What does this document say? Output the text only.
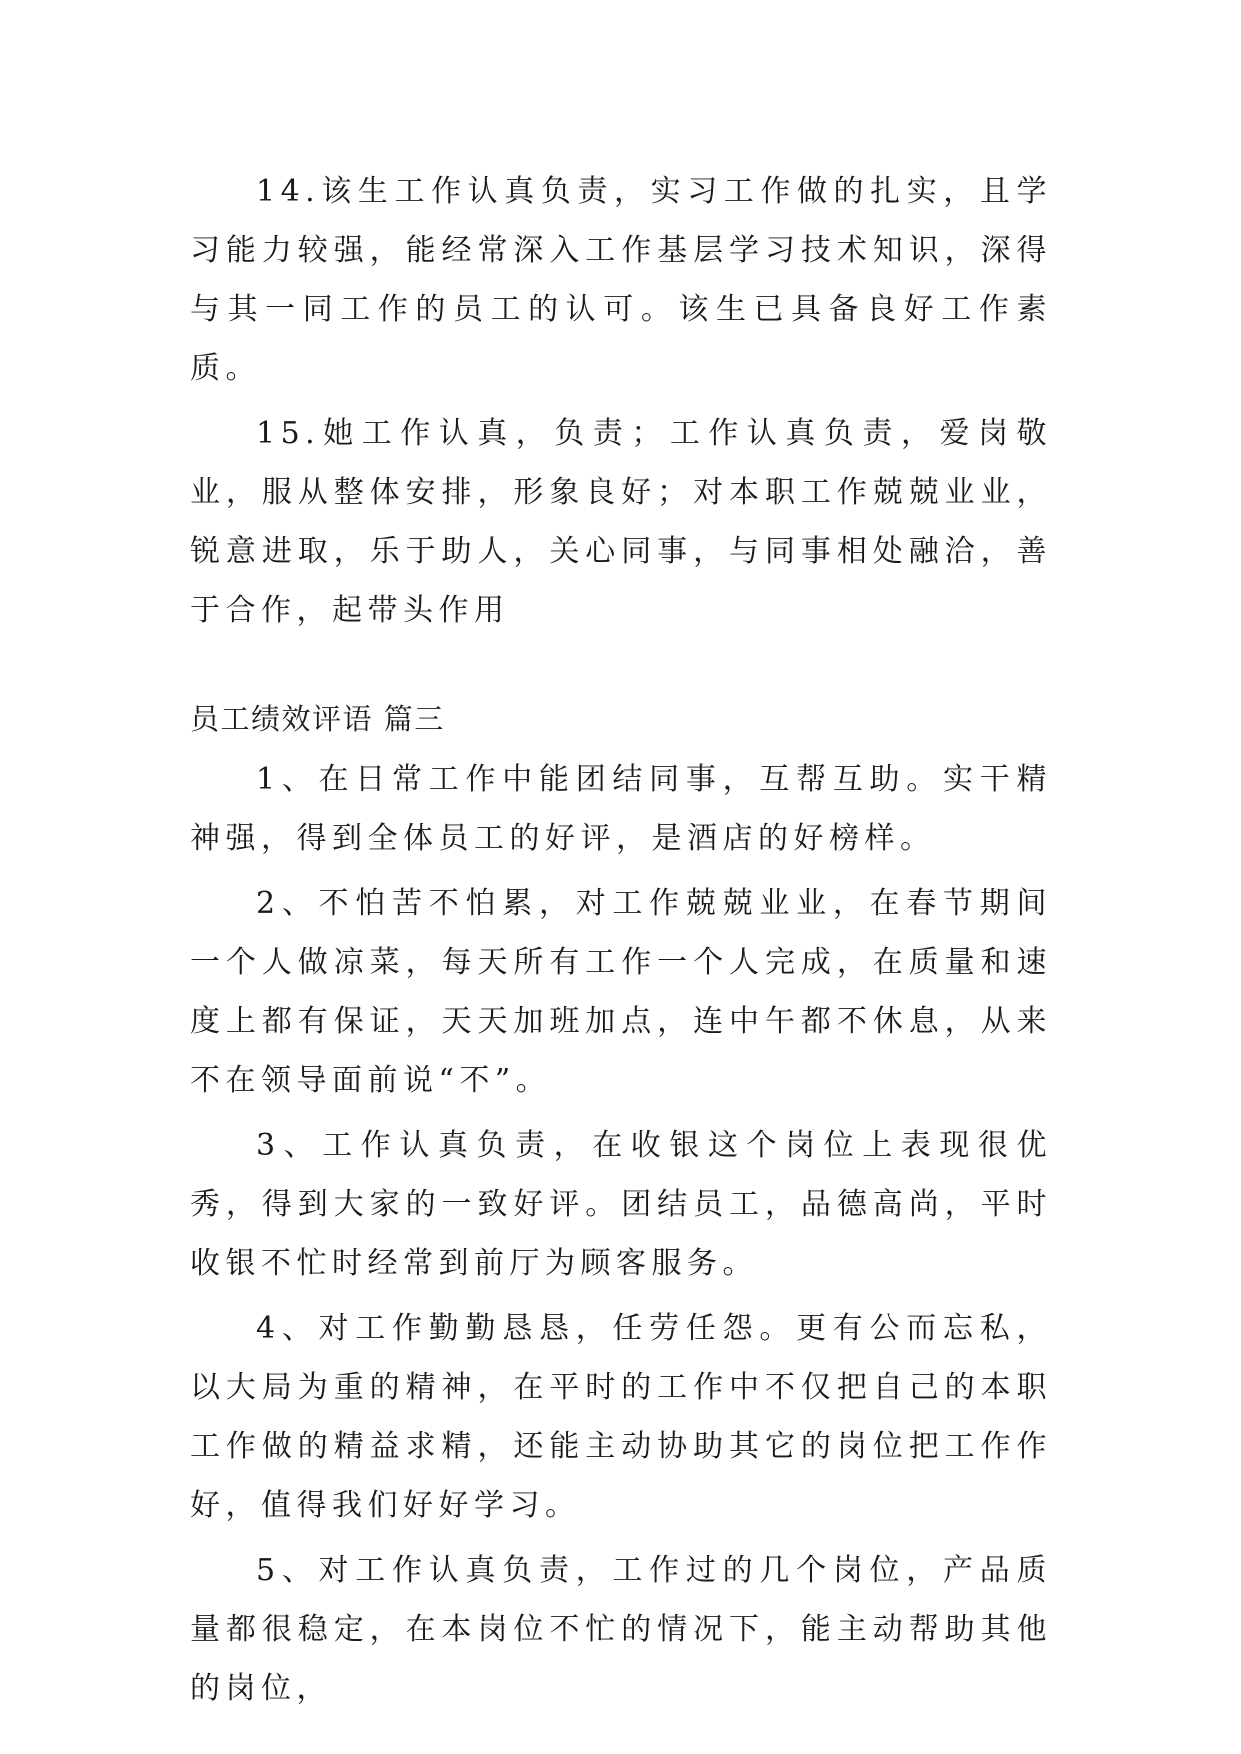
14.该生工作认真负责，实习工作做的扎实，且学习能力较强，能经常深入工作基层学习技术知识，深得与其一同工作的员工的认可。该生已具备良好工作素质。

15.她工作认真，负责；工作认真负责，爱岗敬业，服从整体安排，形象良好；对本职工作兢兢业业，锐意进取，乐于助人，关心同事，与同事相处融洽，善于合作，起带头作用

员工绩效评语 篇三

1、在日常工作中能团结同事，互帮互助。实干精神强，得到全体员工的好评，是酒店的好榜样。

2、不怕苦不怕累，对工作兢兢业业，在春节期间一个人做凉菜，每天所有工作一个人完成，在质量和速度上都有保证，天天加班加点，连中午都不休息，从来不在领导面前说“不”。

3、工作认真负责，在收银这个岗位上表现很优秀，得到大家的一致好评。团结员工，品德高尚，平时收银不忙时经常到前厅为顾客服务。

4、对工作勤勤恳恳，任劳任怨。更有公而忘私，以大局为重的精神，在平时的工作中不仅把自己的本职工作做的精益求精，还能主动协助其它的岗位把工作作好，值得我们好好学习。

5、对工作认真负责，工作过的几个岗位，产品质量都很稳定，在本岗位不忙的情况下，能主动帮助其他的岗位，
